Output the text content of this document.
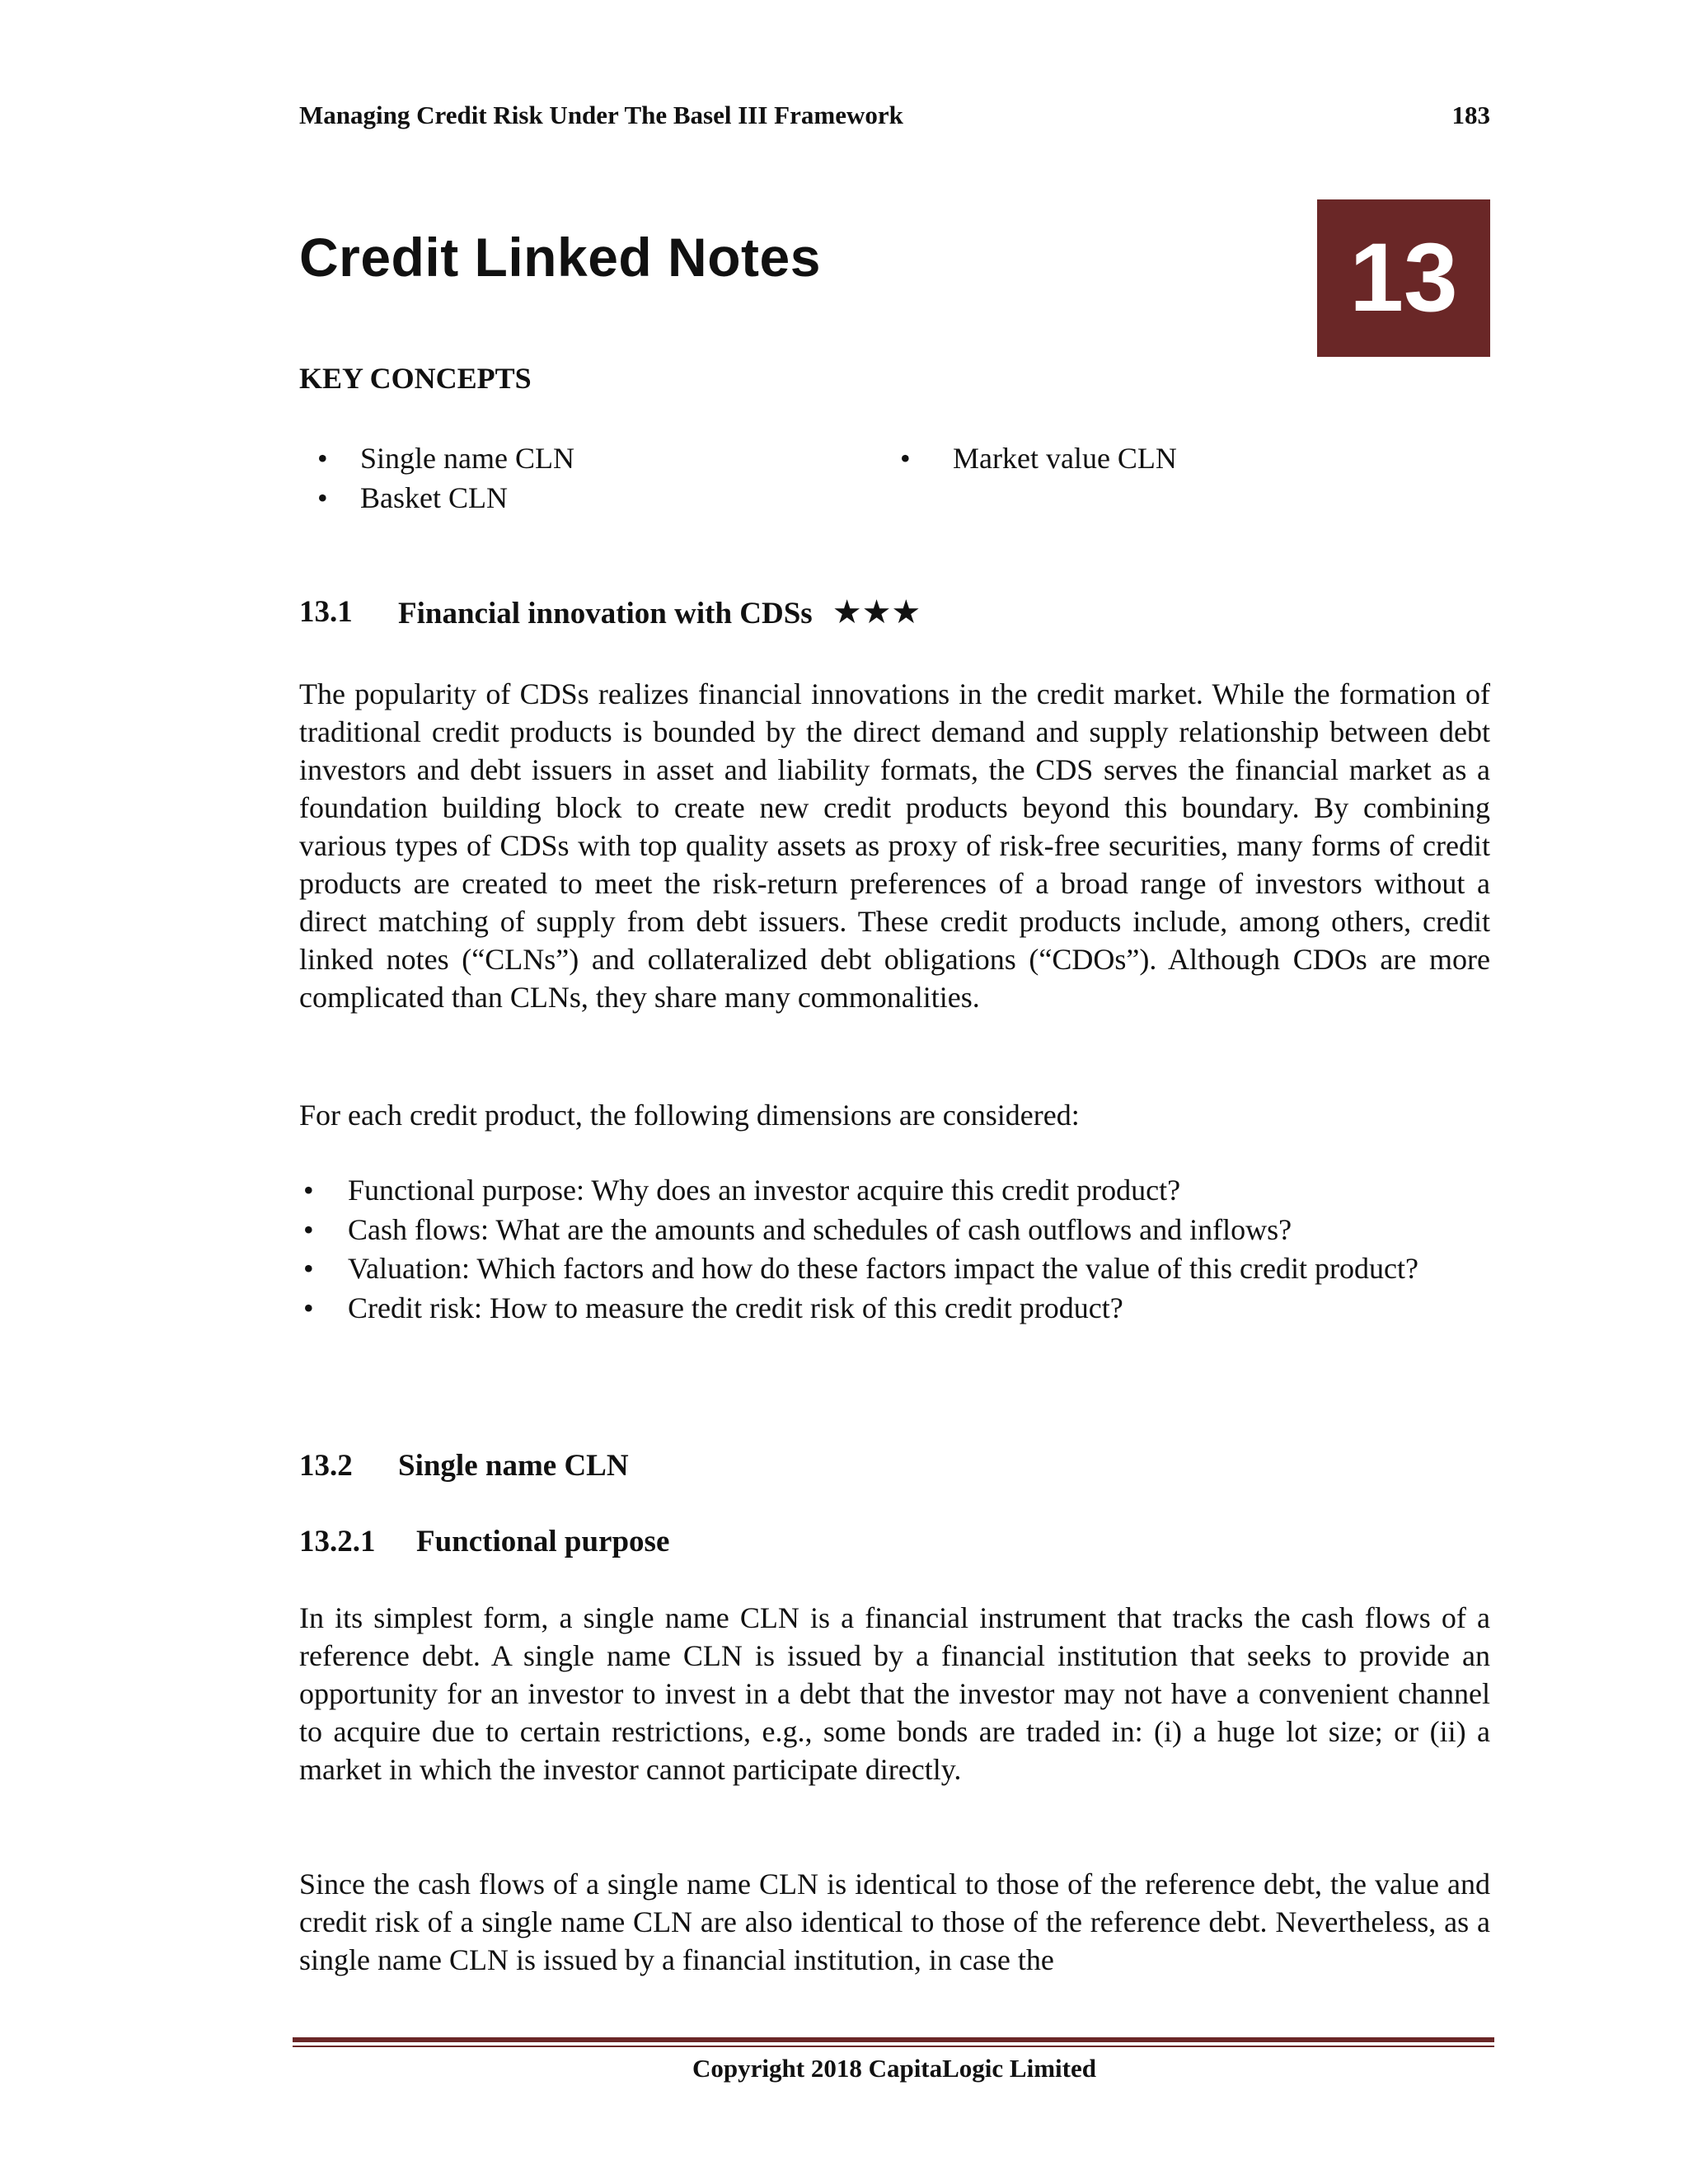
Managing Credit Risk Under The Basel III Framework	183
Credit Linked Notes	13
KEY CONCEPTS
• Single name CLN
• Basket CLN
• Market value CLN
13.1 Financial innovation with CDSs ★★★

The popularity of CDSs realizes financial innovations in the credit market. While the formation of traditional credit products is bounded by the direct demand and supply relationship between debt investors and debt issuers in asset and liability formats, the CDS serves the financial market as a foundation building block to create new credit products beyond this boundary. By combining various types of CDSs with top quality assets as proxy of risk-free securities, many forms of credit products are created to meet the risk-return preferences of a broad range of investors without a direct matching of supply from debt issuers. These credit products include, among others, credit linked notes (“CLNs”) and collateralized debt obligations (“CDOs”). Although CDOs are more complicated than CLNs, they share many commonalities.

For each credit product, the following dimensions are considered:

• Functional purpose: Why does an investor acquire this credit product?
• Cash flows: What are the amounts and schedules of cash outflows and inflows?
• Valuation: Which factors and how do these factors impact the value of this credit product?
• Credit risk: How to measure the credit risk of this credit product?
13.2 Single name CLN
13.2.1 Functional purpose

In its simplest form, a single name CLN is a financial instrument that tracks the cash flows of a reference debt. A single name CLN is issued by a financial institution that seeks to provide an opportunity for an investor to invest in a debt that the investor may not have a convenient channel to acquire due to certain restrictions, e.g., some bonds are traded in: (i) a huge lot size; or (ii) a market in which the investor cannot participate directly.

Since the cash flows of a single name CLN is identical to those of the reference debt, the value and credit risk of a single name CLN are also identical to those of the reference debt. Nevertheless, as a single name CLN is issued by a financial institution, in case the

Copyright 2018 CapitaLogic Limited
